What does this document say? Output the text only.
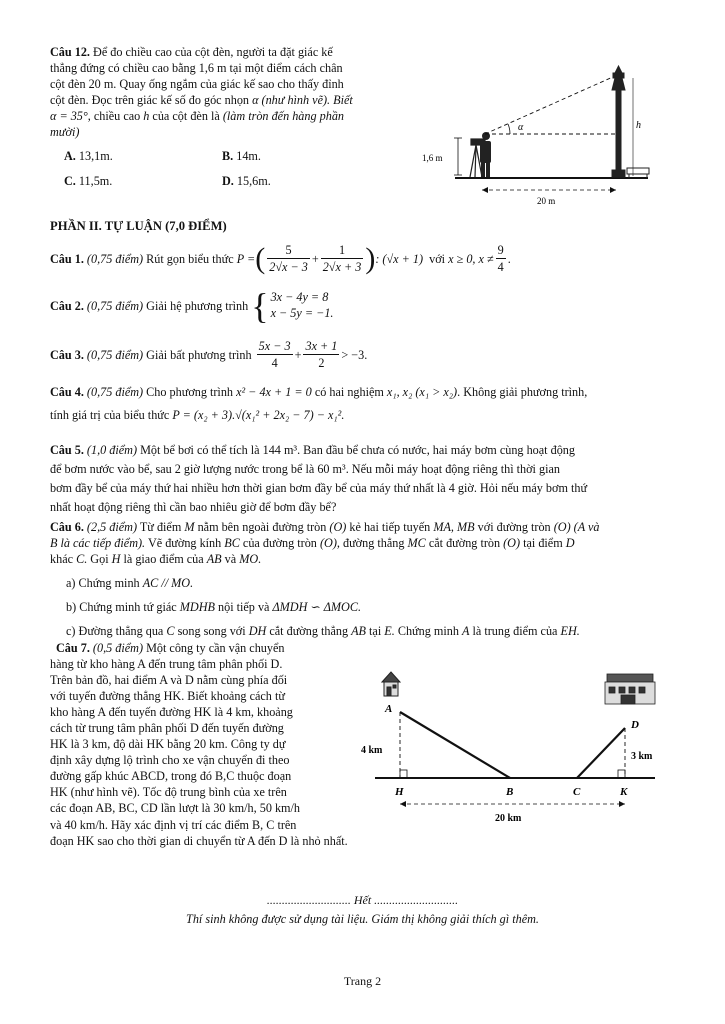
Câu 12. Để đo chiều cao của cột đèn, người ta đặt giác kế

thẳng đứng có chiều cao bằng 1,6 m tại một điểm cách chân

cột đèn 20 m. Quay ống ngắm của giác kế sao cho thấy đỉnh

cột đèn. Đọc trên giác kế số đo góc nhọn α (như hình vẽ). Biết

α = 35°, chiều cao h của cột đèn là (làm tròn đến hàng phần

mười)

A. 13,1m.	B. 14m.
C. 11,5m.	D. 15,6m.
1,6 m
α	h
20 m
PHẦN II. TỰ LUẬN (7,0 ĐIỂM)
Câu 1.
(0,75 điểm)
Rút gọn biểu thức
P = ( $\frac{5}{2√x - 3} + \frac{1}{2√x + 3}$ ) : (√x + 1)
với
x ≥ 0, $x \ne \frac{9}{4}$ .
Câu 2.
(0,75 điểm)
Giải hệ phương trình
{ 3x − 4y = 8
x − 5y = −1.
Câu 3.
(0,75 điểm)
Giải bất phương trình
$\frac{5x - 3}{4} + \frac{3x + 1}{2} > -3$.

Câu 4. (0,75 điểm) Cho phương trình x² − 4x + 1 = 0 có hai nghiệm x₁, x₂ (x₁ > x₂). Không giải phương trình,

tính giá trị của biểu thức P = (x₂ + 3).√(x₁² + 2x₂ − 7) − x₁².

Câu 5. (1,0 điểm) Một bể bơi có thể tích là 144 m³. Ban đầu bể chưa có nước, hai máy bơm cùng hoạt động

để bơm nước vào bể, sau 2 giờ lượng nước trong bể là 60 m³. Nếu mỗi máy hoạt động riêng thì thời gian

bơm đầy bể của máy thứ hai nhiều hơn thời gian bơm đầy bể của máy thứ nhất là 4 giờ. Hỏi nếu máy bơm thứ

nhất hoạt động riêng thì cần bao nhiêu giờ để bơm đầy bể?

Câu 6. (2,5 điểm) Từ điểm M nằm bên ngoài đường tròn (O) kẻ hai tiếp tuyến MA, MB với đường tròn (O) (A và

B là các tiếp điểm). Vẽ đường kính BC của đường tròn (O), đường thẳng MC cắt đường tròn (O) tại điểm D

khác C. Gọi H là giao điểm của AB và MO.

a) Chứng minh AC // MO.

b) Chứng minh tứ giác MDHB nội tiếp và ΔMDH ∽ ΔMOC.

c) Đường thẳng qua C song song với DH cắt đường thẳng AB tại E. Chứng minh A là trung điểm của EH.

Câu 7. (0,5 điểm) Một công ty cần vận chuyển

hàng từ kho hàng A đến trung tâm phân phối D.

Trên bản đồ, hai điểm A và D nằm cùng phía đối

với tuyến đường thẳng HK. Biết khoảng cách từ

kho hàng A đến tuyến đường HK là 4 km, khoảng

cách từ trung tâm phân phối D đến tuyến đường

HK là 3 km, độ dài HK bằng 20 km. Công ty dự

định xây dựng lộ trình cho xe vận chuyển đi theo

đường gấp khúc ABCD, trong đó B,C thuộc đoạn

HK (như hình vẽ). Tốc độ trung bình của xe trên

các đoạn AB, BC, CD lần lượt là 30 km/h, 50 km/h

và 40 km/h. Hãy xác định vị trí các điểm B, C trên

đoạn HK sao cho thời gian di chuyển từ A đến D là nhỏ nhất.

A
D
H	B	C	K
4 km
3 km
20 km
............................ Hết ............................
Thí sinh không được sử dụng tài liệu. Giám thị không giải thích gì thêm.
Trang 2
